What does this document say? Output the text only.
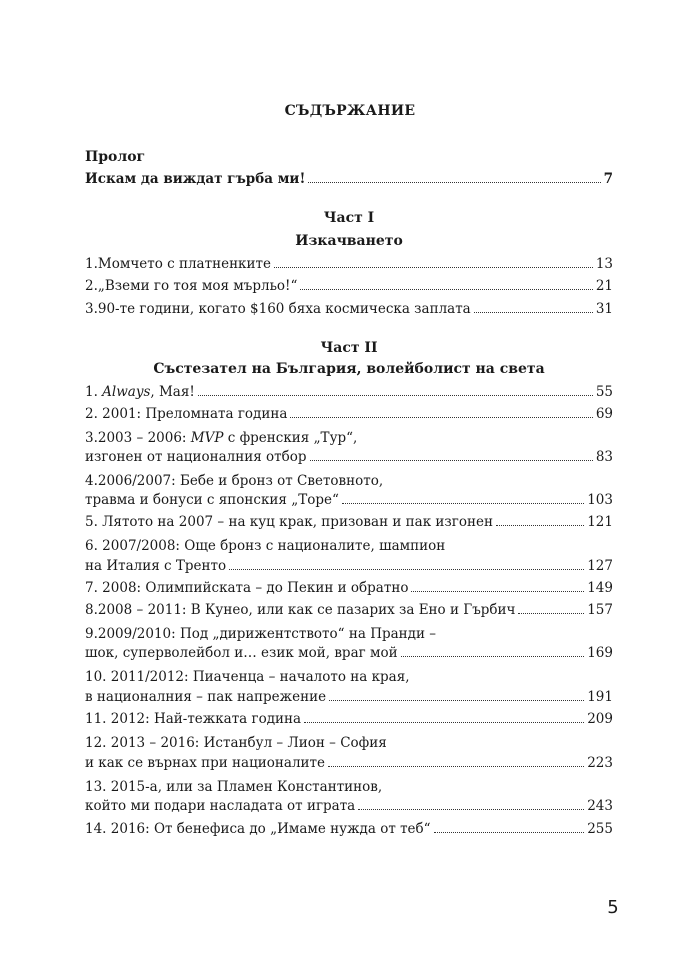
СЪДЪРЖАНИЕ
Пролог
Искам да виждат гърба ми!	7
Част I
Изкачването
1.Момчето с платненките	13
2.„Вземи го тоя моя мърльо!“	21
3.90-те години, когато $160 бяха космическа заплата	31
Част II
Състезател на България, волейболист на света
1. Always, Мая!	55
2. 2001: Преломната година	69
3.2003 – 2006: MVP с френския „Тур“,
изгонен от националния отбор	83
4.2006/2007: Бебе и бронз от Световното,
травма и бонуси с японския „Торе“	103
5. Лятото на 2007 – на куц крак, призован и пак изгонен	121
6. 2007/2008: Още бронз с националите, шампион
на Италия с Тренто	127
7. 2008: Олимпийската – до Пекин и обратно	149
8.2008 – 2011: В Кунео, или как се пазарих за Ено и Гърбич	157
9.2009/2010: Под „дирижентството“ на Пранди –
шок, суперволейбол и… език мой, враг мой	169
10. 2011/2012: Пиаченца – началото на края,
в националния – пак напрежение	191
11. 2012: Най-тежката година	209
12. 2013 – 2016: Истанбул – Лион – София
и как се върнах при националите	223
13. 2015-а, или за Пламен Константинов,
който ми подари насладата от играта	243
14. 2016: От бенефиса до „Имаме нужда от теб“	255
5
